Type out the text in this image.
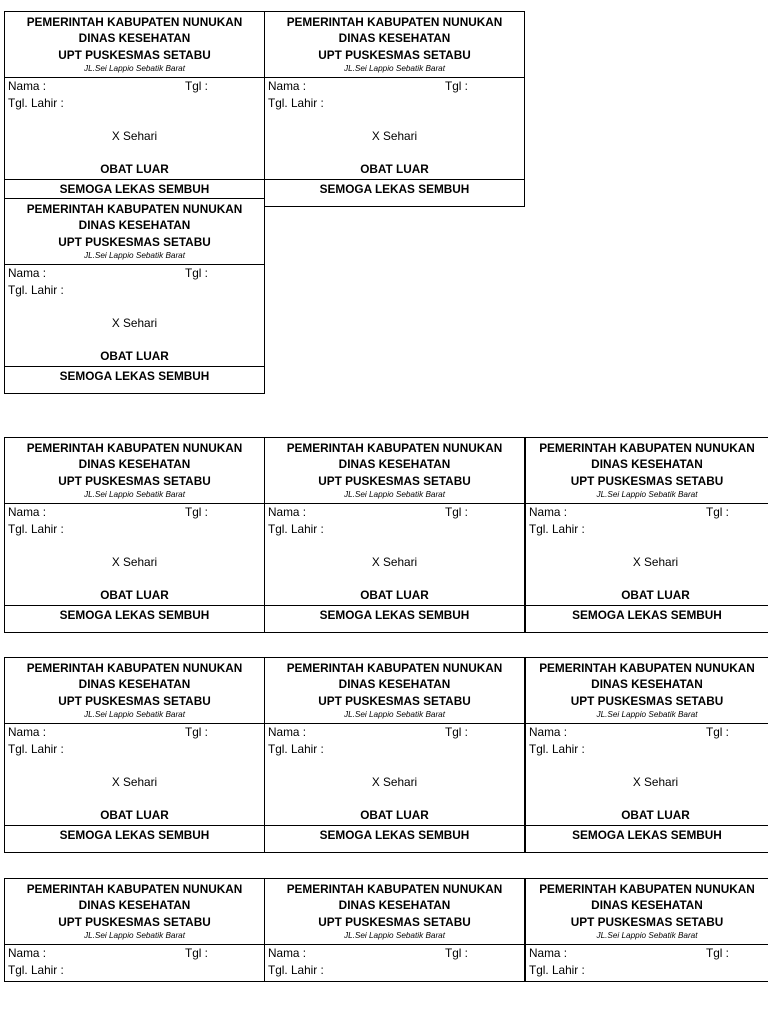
PEMERINTAH KABUPATEN NUNUKAN
DINAS KESEHATAN
UPT PUSKESMAS SETABU
JL.Sei Lappio Sebatik Barat
Nama :	Tgl :
Tgl. Lahir :
X Sehari
OBAT LUAR
SEMOGA LEKAS SEMBUH
PEMERINTAH KABUPATEN NUNUKAN
DINAS KESEHATAN
UPT PUSKESMAS SETABU
JL.Sei Lappio Sebatik Barat
Nama :	Tgl :
Tgl. Lahir :
X Sehari
OBAT LUAR
SEMOGA LEKAS SEMBUH
PEMERINTAH KABUPATEN NUNUKAN
DINAS KESEHATAN
UPT PUSKESMAS SETABU
JL.Sei Lappio Sebatik Barat
Nama :	Tgl :
Tgl. Lahir :
X Sehari
OBAT LUAR
SEMOGA LEKAS SEMBUH
PEMERINTAH KABUPATEN NUNUKAN
DINAS KESEHATAN
UPT PUSKESMAS SETABU
JL.Sei Lappio Sebatik Barat
Nama :	Tgl :
Tgl. Lahir :
X Sehari
OBAT LUAR
SEMOGA LEKAS SEMBUH
PEMERINTAH KABUPATEN NUNUKAN
DINAS KESEHATAN
UPT PUSKESMAS SETABU
JL.Sei Lappio Sebatik Barat
Nama :	Tgl :
Tgl. Lahir :
X Sehari
OBAT LUAR
SEMOGA LEKAS SEMBUH
PEMERINTAH KABUPATEN NUNUKAN
DINAS KESEHATAN
UPT PUSKESMAS SETABU
JL.Sei Lappio Sebatik Barat
Nama :	Tgl :
Tgl. Lahir :
X Sehari
OBAT LUAR
SEMOGA LEKAS SEMBUH
PEMERINTAH KABUPATEN NUNUKAN
DINAS KESEHATAN
UPT PUSKESMAS SETABU
JL.Sei Lappio Sebatik Barat
Nama :	Tgl :
Tgl. Lahir :
X Sehari
OBAT LUAR
SEMOGA LEKAS SEMBUH
PEMERINTAH KABUPATEN NUNUKAN
DINAS KESEHATAN
UPT PUSKESMAS SETABU
JL.Sei Lappio Sebatik Barat
Nama :	Tgl :
Tgl. Lahir :
X Sehari
OBAT LUAR
SEMOGA LEKAS SEMBUH
PEMERINTAH KABUPATEN NUNUKAN
DINAS KESEHATAN
UPT PUSKESMAS SETABU
JL.Sei Lappio Sebatik Barat
Nama :	Tgl :
Tgl. Lahir :
X Sehari
OBAT LUAR
SEMOGA LEKAS SEMBUH
PEMERINTAH KABUPATEN NUNUKAN
DINAS KESEHATAN
UPT PUSKESMAS SETABU
JL.Sei Lappio Sebatik Barat
Nama :	Tgl :
Tgl. Lahir :
PEMERINTAH KABUPATEN NUNUKAN
DINAS KESEHATAN
UPT PUSKESMAS SETABU
JL.Sei Lappio Sebatik Barat
Nama :	Tgl :
Tgl. Lahir :
PEMERINTAH KABUPATEN NUNUKAN
DINAS KESEHATAN
UPT PUSKESMAS SETABU
JL.Sei Lappio Sebatik Barat
Nama :	Tgl :
Tgl. Lahir :
